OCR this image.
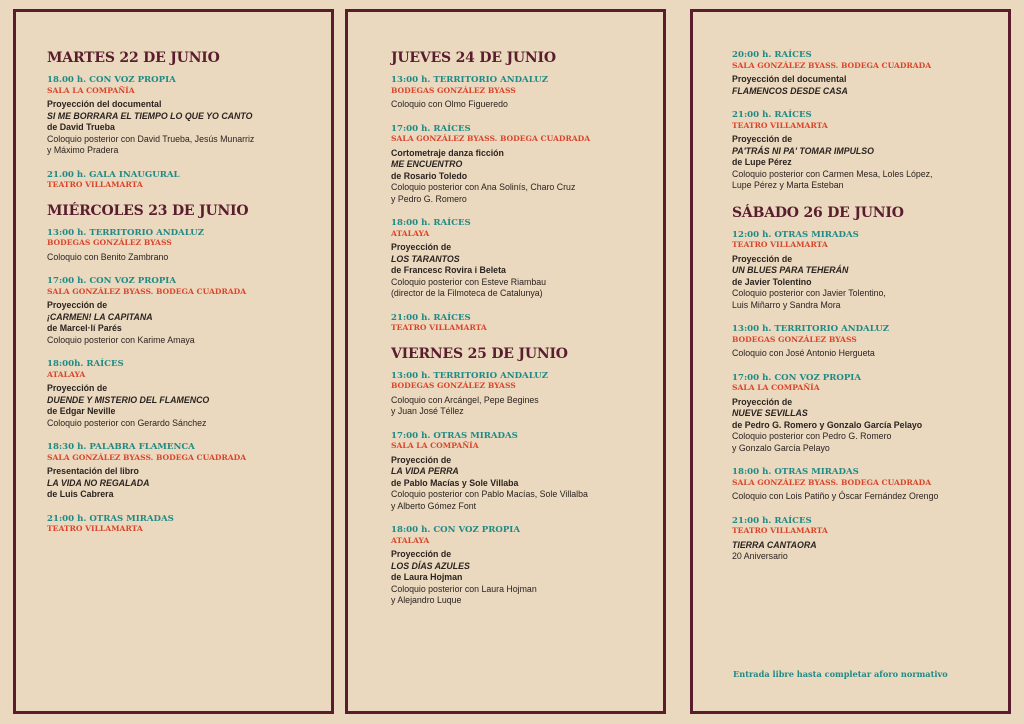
MARTES 22 DE JUNIO
18.00 h. CON VOZ PROPIA
SALA LA COMPAÑÍA
Proyección del documental
SI ME BORRARA EL TIEMPO LO QUE YO CANTO
de David Trueba
Coloquio posterior con David Trueba, Jesús Munarriz
y Máximo Pradera
21.00 h. GALA INAUGURAL
TEATRO VILLAMARTA
MIÉRCOLES 23 DE JUNIO
13:00 h. TERRITORIO ANDALUZ
BODEGAS GONZÁLEZ BYASS
Coloquio con Benito Zambrano
17:00 h. CON VOZ PROPIA
SALA GONZÁLEZ BYASS. BODEGA CUADRADA
Proyección de
¡CARMEN! LA CAPITANA
de Marcel·lí Parés
Coloquio posterior con Karime Amaya
18:00h. RAÍCES
ATALAYA
Proyección de
DUENDE Y MISTERIO DEL FLAMENCO
de Edgar Neville
Coloquio posterior con Gerardo Sánchez
18:30 h. PALABRA FLAMENCA
SALA GONZÁLEZ BYASS. BODEGA CUADRADA
Presentación del libro
LA VIDA NO REGALADA
de Luis Cabrera
21:00 h. OTRAS MIRADAS
TEATRO VILLAMARTA
JUEVES 24 DE JUNIO
13:00 h. TERRITORIO ANDALUZ
BODEGAS GONZÁLEZ BYASS
Coloquio con Olmo Figueredo
17:00 h. RAÍCES
SALA GONZÁLEZ BYASS. BODEGA CUADRADA
Cortometraje danza ficción
ME ENCUENTRO
de Rosario Toledo
Coloquio posterior con Ana Solinís, Charo Cruz
y Pedro G. Romero
18:00 h. RAÍCES
ATALAYA
Proyección de
LOS TARANTOS
de Francesc Rovira i Beleta
Coloquio posterior con Esteve Riambau
(director de la Filmoteca de Catalunya)
21:00 h. RAÍCES
TEATRO VILLAMARTA
VIERNES 25 DE JUNIO
13:00 h. TERRITORIO ANDALUZ
BODEGAS GONZÁLEZ BYASS
Coloquio con Arcángel, Pepe Begines
y Juan José Téllez
17:00 h. OTRAS MIRADAS
SALA LA COMPAÑÍA
Proyección de
LA VIDA PERRA
de Pablo Macías y Sole Villaba
Coloquio posterior con Pablo Macías, Sole Villalba
y Alberto Gómez Font
18:00 h. CON VOZ PROPIA
ATALAYA
Proyección de
LOS DÍAS AZULES
de Laura Hojman
Coloquio posterior con Laura Hojman
y Alejandro Luque
20:00 h. RAÍCES
SALA GONZÁLEZ BYASS. BODEGA CUADRADA
Proyección del documental
FLAMENCOS DESDE CASA
21:00 h. RAÍCES
TEATRO VILLAMARTA
Proyección de
PA'TRÁS NI PA' TOMAR IMPULSO
de Lupe Pérez
Coloquio posterior con Carmen Mesa, Loles López,
Lupe Pérez y Marta Esteban
SÁBADO 26 DE JUNIO
12:00 h. OTRAS MIRADAS
TEATRO VILLAMARTA
Proyección de
UN BLUES PARA TEHERÁN
de Javier Tolentino
Coloquio posterior con Javier Tolentino,
Luis Miñarro y Sandra Mora
13:00 h. TERRITORIO ANDALUZ
BODEGAS GONZÁLEZ BYASS
Coloquio con José Antonio Hergueta
17:00 h. CON VOZ PROPIA
SALA LA COMPAÑÍA
Proyección de
NUEVE SEVILLAS
de Pedro G. Romero y Gonzalo García Pelayo
Coloquio posterior con Pedro G. Romero
y Gonzalo García Pelayo
18:00 h. OTRAS MIRADAS
SALA GONZÁLEZ BYASS. BODEGA CUADRADA
Coloquio con Lois Patiño y Óscar Fernández Orengo
21:00 h. RAÍCES
TEATRO VILLAMARTA
TIERRA CANTAORA
20 Aniversario
Entrada libre hasta completar aforo normativo
